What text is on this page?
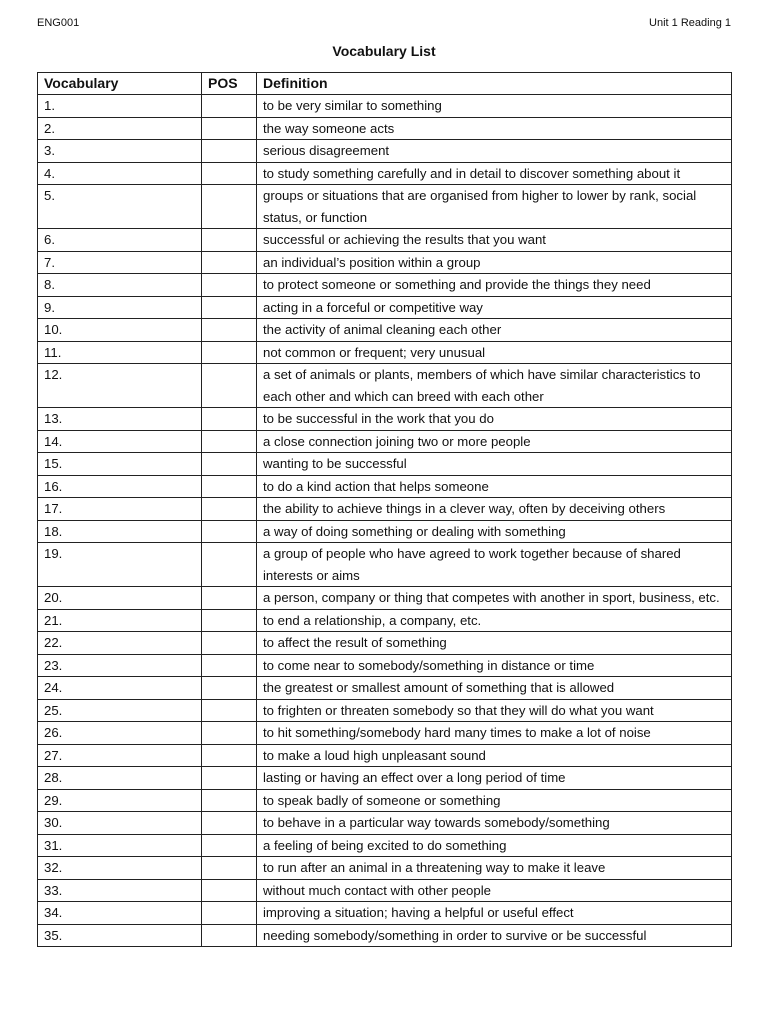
ENG001	Unit 1 Reading 1
Vocabulary List
Vocabulary	POS	Definition
1.		to be very similar to something
2.		the way someone acts
3.		serious disagreement
4.		to study something carefully and in detail to discover something about it
5.		groups or situations that are organised from higher to lower by rank, social status, or function
6.		successful or achieving the results that you want
7.		an individual’s position within a group
8.		to protect someone or something and provide the things they need
9.		acting in a forceful or competitive way
10.		the activity of animal cleaning each other
11.		not common or frequent; very unusual
12.		a set of animals or plants, members of which have similar characteristics to each other and which can breed with each other
13.		to be successful in the work that you do
14.		a close connection joining two or more people
15.		wanting to be successful
16.		to do a kind action that helps someone
17.		the ability to achieve things in a clever way, often by deceiving others
18.		a way of doing something or dealing with something
19.		a group of people who have agreed to work together because of shared interests or aims
20.		a person, company or thing that competes with another in sport, business, etc.
21.		to end a relationship, a company, etc.
22.		to affect the result of something
23.		to come near to somebody/something in distance or time
24.		the greatest or smallest amount of something that is allowed
25.		to frighten or threaten somebody so that they will do what you want
26.		to hit something/somebody hard many times to make a lot of noise
27.		to make a loud high unpleasant sound
28.		lasting or having an effect over a long period of time
29.		to speak badly of someone or something
30.		to behave in a particular way towards somebody/something
31.		a feeling of being excited to do something
32.		to run after an animal in a threatening way to make it leave
33.		without much contact with other people
34.		improving a situation; having a helpful or useful effect
35.		needing somebody/something in order to survive or be successful
